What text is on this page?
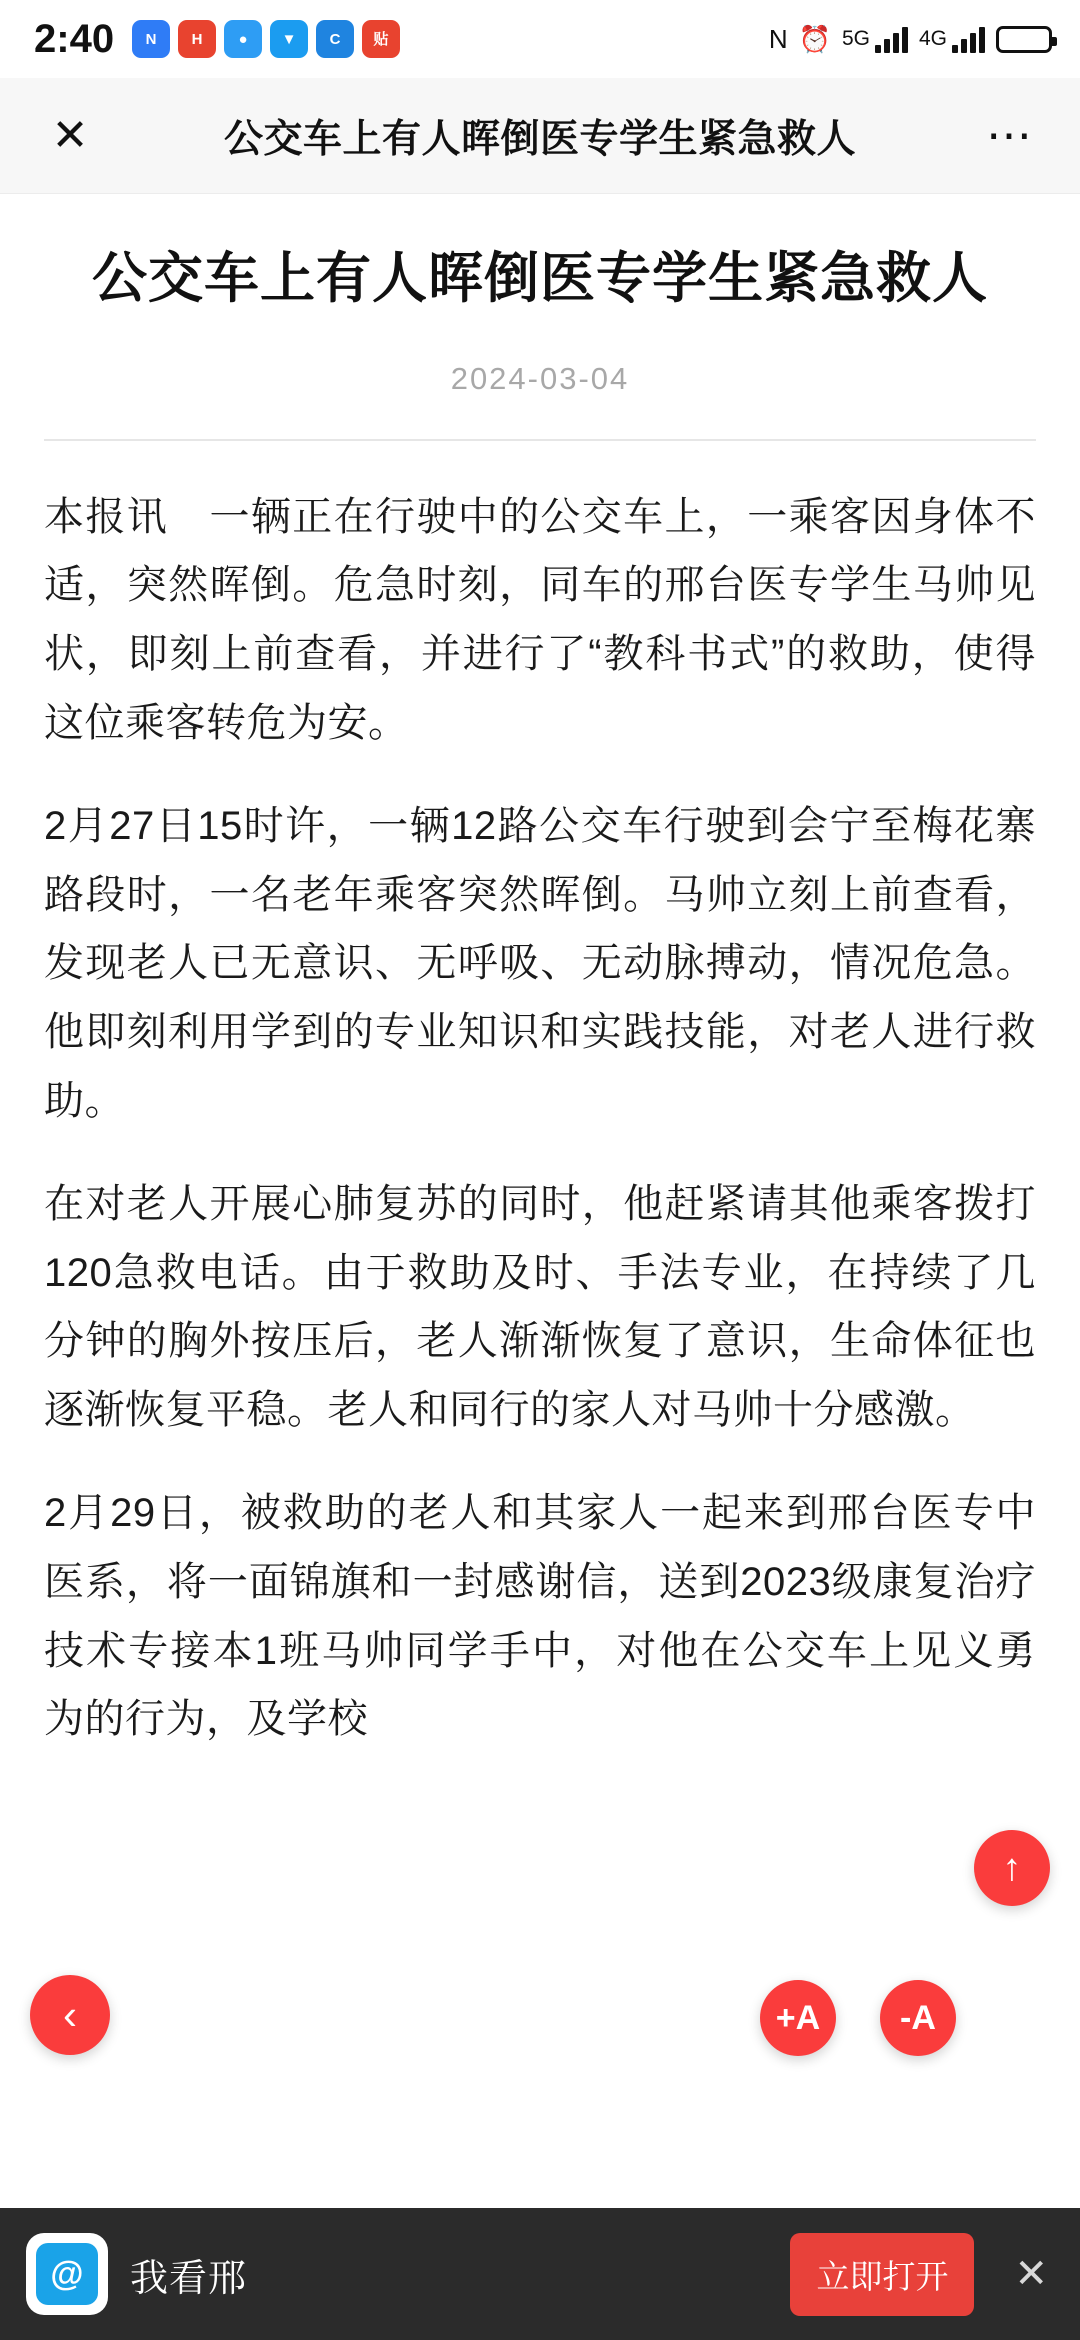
2:40 N H ● ▼ C 贴	N ⏰ 5G 4G
✕	公交车上有人晖倒医专学生紧急救人	⋯
公交车上有人晖倒医专学生紧急救人
2024-03-04

本报讯　一辆正在行驶中的公交车上，一乘客因身体不适，突然晖倒。危急时刻，同车的邢台医专学生马帅见状，即刻上前查看，并进行了“教科书式”的救助，使得这位乘客转危为安。

2月27日15时许，一辆12路公交车行驶到会宁至梅花寨路段时，一名老年乘客突然晖倒。马帅立刻上前查看，发现老人已无意识、无呼吸、无动脉搏动，情况危急。他即刻利用学到的专业知识和实践技能，对老人进行救助。

在对老人开展心肺复苏的同时，他赶紧请其他乘客拨打120急救电话。由于救助及时、手法专业，在持续了几分钟的胸外按压后，老人渐渐恢复了意识，生命体征也逐渐恢复平稳。老人和同行的家人对马帅十分感激。

2月29日，被救助的老人和其家人一起来到邢台医专中医系，将一面锦旗和一封感谢信，送到2023级康复治疗技术专接本1班马帅同学手中，对他在公交车上见义勇为的行为，及学校

↑
‹	+A	-A
@	我看邢	立即打开	✕
